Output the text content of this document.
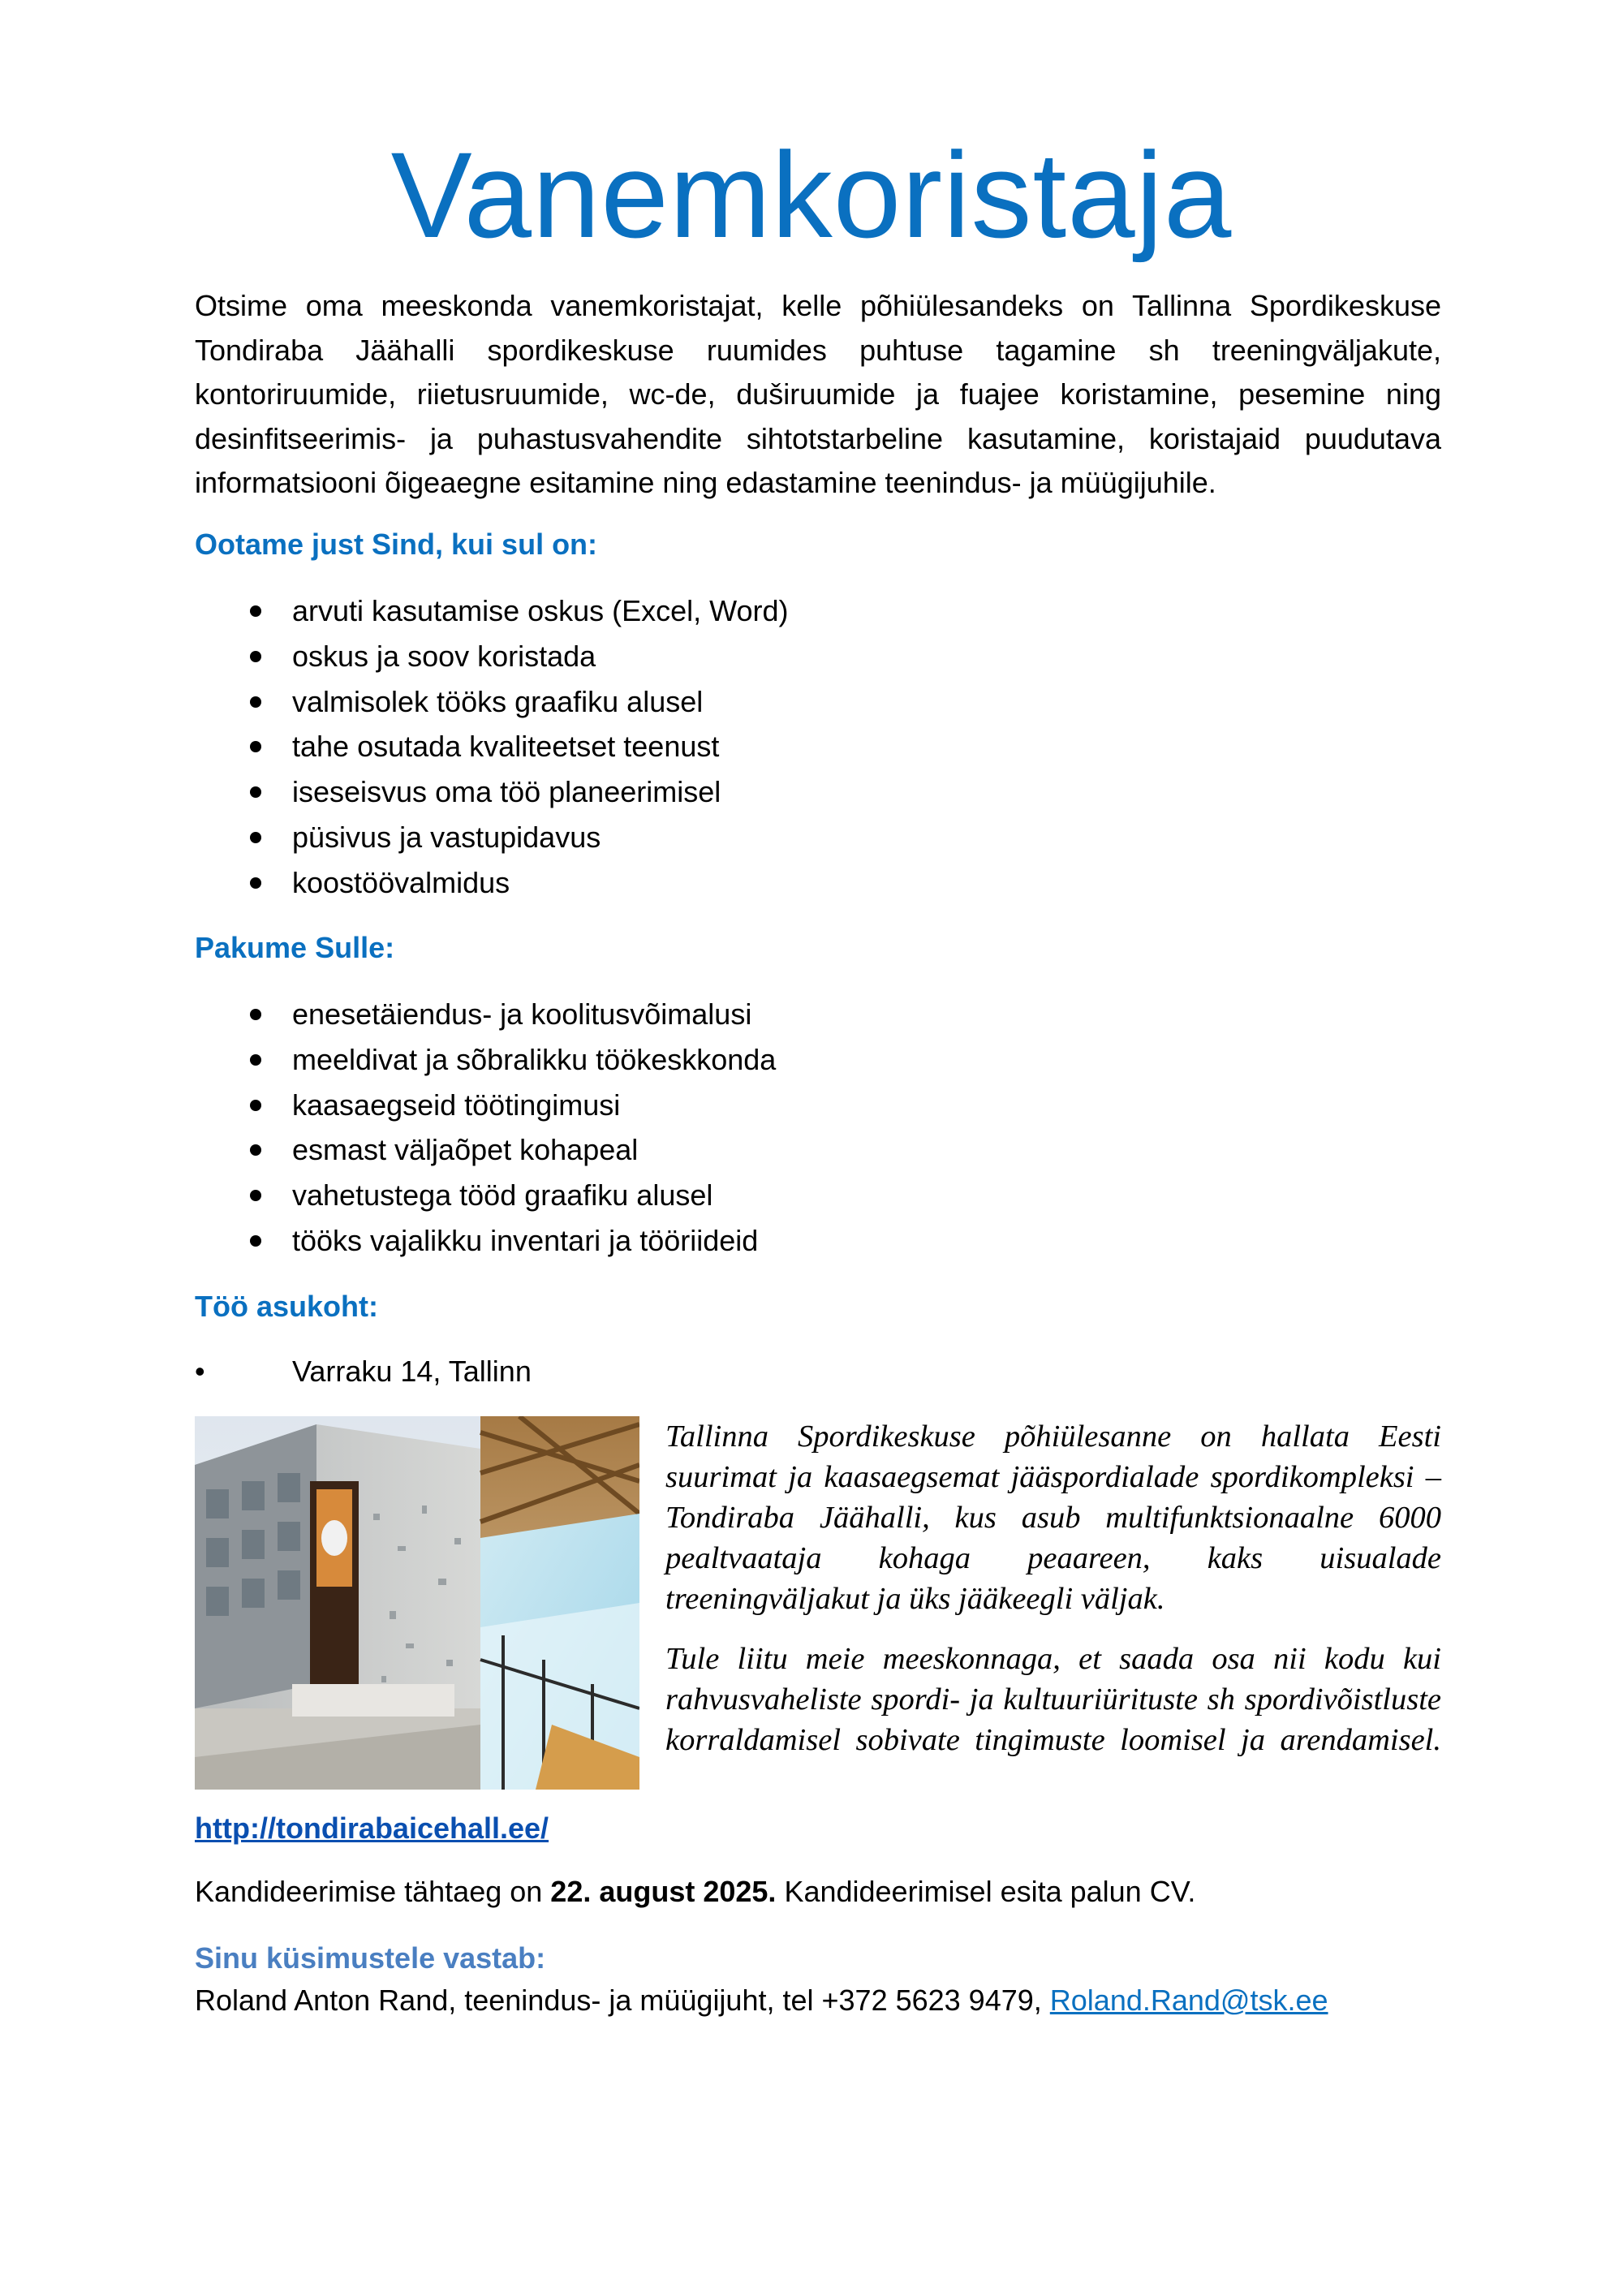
Vanemkoristaja

Otsime oma meeskonda vanemkoristajat, kelle põhiülesandeks on Tallinna Spordikeskuse Tondiraba Jäähalli spordikeskuse ruumides puhtuse tagamine sh treeningväljakute, kontoriruumide, riietusruumide, wc-de, duširuumide ja fuajee koristamine, pesemine ning desinfitseerimis- ja puhastusvahendite sihtotstarbeline kasutamine, koristajaid puudutava informatsiooni õigeaegne esitamine ning edastamine teenindus- ja müügijuhile.

Ootame just Sind, kui sul on:
arvuti kasutamise oskus (Excel, Word)
oskus ja soov koristada
valmisolek tööks graafiku alusel
tahe osutada kvaliteetset teenust
iseseisvus oma töö planeerimisel
püsivus ja vastupidavus
koostöövalmidus
Pakume Sulle:
enesetäiendus- ja koolitusvõimalusi
meeldivat ja sõbralikku töökeskkonda
kaasaegseid töötingimusi
esmast väljaõpet kohapeal
vahetustega tööd graafiku alusel
tööks vajalikku inventari ja tööriideid
Töö asukoht:
•	Varraku 14, Tallinn

Tallinna Spordikeskuse põhiülesanne on hallata Eesti suurimat ja kaasaegsemat jääspordialade spordikompleksi – Tondiraba Jäähalli, kus asub multifunktsionaalne 6000 pealtvaataja kohaga peaareen, kaks uisualade treeningväljakut ja üks jääkeegli väljak.

Tule liitu meie meeskonnaga, et saada osa nii kodu kui rahvusvaheliste spordi- ja kultuuriürituste sh spordivõistluste korraldamisel sobivate tingimuste loomisel ja arendamisel.

http://tondirabaicehall.ee/
Kandideerimise tähtaeg on 22. august 2025. Kandideerimisel esita palun CV.
Sinu küsimustele vastab:
Roland Anton Rand, teenindus- ja müügijuht, tel +372 5623 9479, Roland.Rand@tsk.ee
